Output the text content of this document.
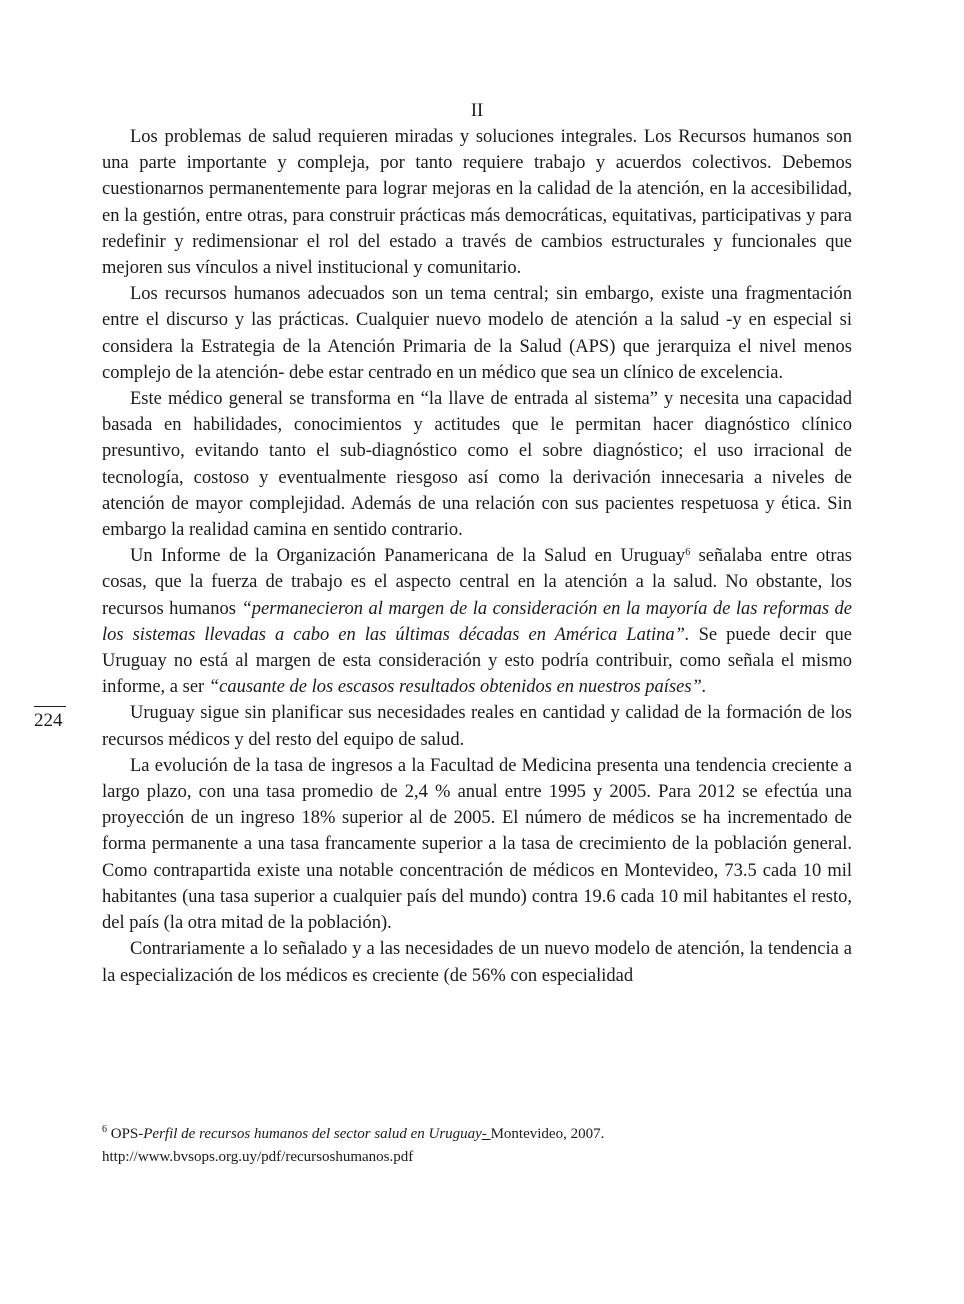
224

II

Los problemas de salud requieren miradas y soluciones integrales. Los Recursos humanos son una parte importante y compleja, por tanto requiere trabajo y acuerdos colectivos. Debemos cuestionarnos permanentemente para lograr mejoras en la calidad de la atención, en la accesibilidad, en la gestión, entre otras, para construir prácticas más democráticas, equitativas, participativas y para redefinir y redimensionar el rol del estado a través de cambios estructurales y funcionales que mejoren sus vínculos a nivel institucional y comunitario.

Los recursos humanos adecuados son un tema central; sin embargo, existe una fragmentación entre el discurso y las prácticas. Cualquier nuevo modelo de atención a la salud -y en especial si considera la Estrategia de la Atención Primaria de la Salud (APS) que jerarquiza el nivel menos complejo de la atención- debe estar centrado en un médico que sea un clínico de excelencia.

Este médico general se transforma en “la llave de entrada al sistema” y necesita una capacidad basada en habilidades, conocimientos y actitudes que le permitan hacer diagnóstico clínico presuntivo, evitando tanto el sub-diagnóstico como el sobre diagnóstico; el uso irracional de tecnología, costoso y eventualmente riesgoso así como la derivación innecesaria a niveles de atención de mayor complejidad. Además de una relación con sus pacientes respetuosa y ética. Sin embargo la realidad camina en sentido contrario.

Un Informe de la Organización Panamericana de la Salud en Uruguay$^6$ señalaba entre otras cosas, que la fuerza de trabajo es el aspecto central en la atención a la salud. No obstante, los recursos humanos “permanecieron al margen de la consideración en la mayoría de las reformas de los sistemas llevadas a cabo en las últimas décadas en América Latina”. Se puede decir que Uruguay no está al margen de esta consideración y esto podría contribuir, como señala el mismo informe, a ser “causante de los escasos resultados obtenidos en nuestros países”.

Uruguay sigue sin planificar sus necesidades reales en cantidad y calidad de la formación de los recursos médicos y del resto del equipo de salud.

La evolución de la tasa de ingresos a la Facultad de Medicina presenta una tendencia creciente a largo plazo, con una tasa promedio de 2,4 % anual entre 1995 y 2005. Para 2012 se efectúa una proyección de un ingreso 18% superior al de 2005. El número de médicos se ha incrementado de forma permanente a una tasa francamente superior a la tasa de crecimiento de la población general. Como contrapartida existe una notable concentración de médicos en Montevideo, 73.5 cada 10 mil habitantes (una tasa superior a cualquier país del mundo) contra 19.6 cada 10 mil habitantes el resto, del país (la otra mitad de la población).

Contrariamente a lo señalado y a las necesidades de un nuevo modelo de atención, la tendencia a la especialización de los médicos es creciente (de 56% con especialidad

$^6$ OPS-Perfil de recursos humanos del sector salud en Uruguay- Montevideo, 2007.

http://www.bvsops.org.uy/pdf/recursoshumanos.pdf
